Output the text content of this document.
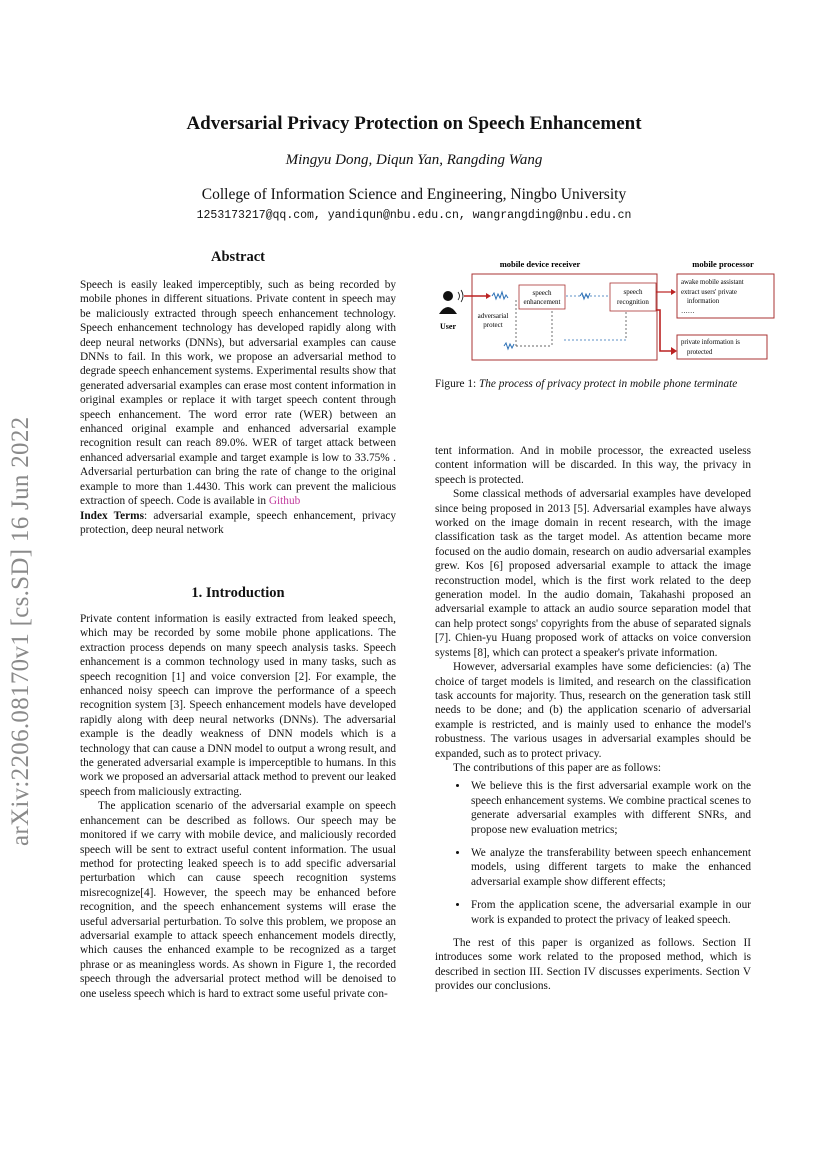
arXiv:2206.08170v1 [cs.SD] 16 Jun 2022
Adversarial Privacy Protection on Speech Enhancement
Mingyu Dong, Diqun Yan, Rangding Wang
College of Information Science and Engineering, Ningbo University
1253173217@qq.com, yandiqun@nbu.edu.cn, wangrangding@nbu.edu.cn
Abstract

Speech is easily leaked imperceptibly, such as being recorded by mobile phones in different situations. Private content in speech may be maliciously extracted through speech enhancement technology. Speech enhancement technology has developed rapidly along with deep neural networks (DNNs), but adversarial examples can cause DNNs to fail. In this work, we propose an adversarial method to degrade speech enhancement systems. Experimental results show that generated adversarial examples can erase most content information in original examples or replace it with target speech content through speech enhancement. The word error rate (WER) between an enhanced original example and enhanced adversarial example recognition result can reach 89.0%. WER of target attack between enhanced adversarial example and target example is low to 33.75% . Adversarial perturbation can bring the rate of change to the original example to more than 1.4430. This work can prevent the malicious extraction of speech. Code is available in Github

Index Terms: adversarial example, speech enhancement, privacy protection, deep neural network

1. Introduction

Private content information is easily extracted from leaked speech, which may be recorded by some mobile phone applications. The extraction process depends on many speech analysis tasks. Speech enhancement is a common technology used in many tasks, such as speech recognition [1] and voice conversion [2]. For example, the enhanced noisy speech can improve the performance of a speech recognition system [3]. Speech enhancement models have developed rapidly along with deep neural networks (DNNs). The adversarial example is the deadly weakness of DNN models which is a technology that can cause a DNN model to output a wrong result, and the generated adversarial example is imperceptible to humans. In this work we proposed an adversarial attack method to prevent our leaked speech from maliciously extracting.

The application scenario of the adversarial example on speech enhancement can be described as follows. Our speech may be monitored if we carry with mobile device, and maliciously recorded speech will be sent to extract useful content information. The usual method for protecting leaked speech is to add specific adversarial perturbation which can cause speech recognition systems misrecognize[4]. However, the speech may be enhanced before recognition, and the speech enhancement systems will erase the useful adversarial perturbation. To solve this problem, we propose an adversarial example to attack speech enhancement models directly, which causes the enhanced example to be recognized as a target phrase or as meaningless words. As shown in Figure 1, the recorded speech through the adversarial protect method will be denoised to one useless speech which is hard to extract some useful private con-

mobile device receiver	mobile processor
User
speech
enhancement
speech
recognition
adversarial
protect
awake mobile assistant
extract users' private
information
……
private information is
protected
Figure 1: The process of privacy protect in mobile phone terminate

tent information. And in mobile processor, the exreacted useless content information will be discarded. In this way, the privacy in speech is protected.

Some classical methods of adversarial examples have developed since being proposed in 2013 [5]. Adversarial examples have always worked on the image domain in recent research, with the image classification task as the target model. As attention became more focused on the audio domain, research on audio adversarial examples grew. Kos [6] proposed adversarial example to attack the image reconstruction model, which is the first work related to the deep generation model. In the audio domain, Takahashi proposed an adversarial example to attack an audio source separation model that can help protect songs' copyrights from the abuse of separated signals [7]. Chien-yu Huang proposed work of attacks on voice conversion systems [8], which can protect a speaker's private information.

However, adversarial examples have some deficiencies: (a) The choice of target models is limited, and research on the classification task accounts for majority. Thus, research on the generation task still needs to be done; and (b) the application scenario of adversarial example is restricted, and is mainly used to enhance the model's robustness. The various usages in adversarial examples should be expanded, such as to protect privacy.

The contributions of this paper are as follows:

• We believe this is the first adversarial example work on the speech enhancement systems. We combine practical scenes to generate adversarial examples with different SNRs, and propose new evaluation metrics;
• We analyze the transferability between speech enhancement models, using different targets to make the enhanced adversarial example show different effects;
• From the application scene, the adversarial example in our work is expanded to protect the privacy of leaked speech.

The rest of this paper is organized as follows. Section II introduces some work related to the proposed method, which is described in section III. Section IV discusses experiments. Section V provides our conclusions.
